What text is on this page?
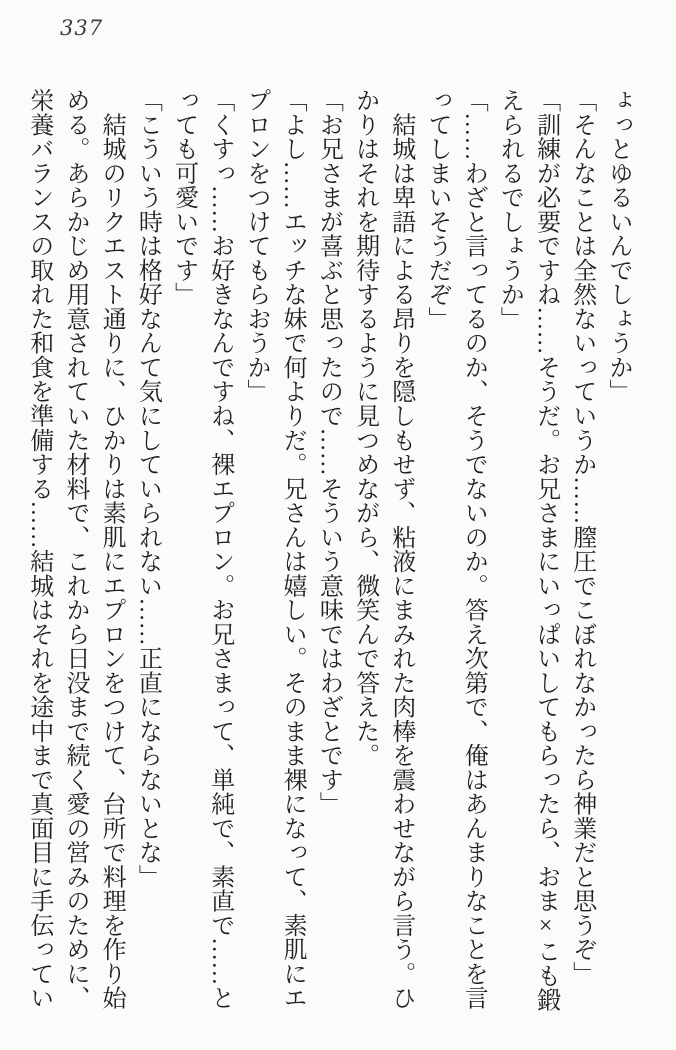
337
ょっとゆるいんでしょうか」
「そんなことは全然ないっていうか……膣圧でこぼれなかったら神業だと思うぞ」
「訓練が必要ですね……そうだ。お兄さまにいっぱいしてもらったら、おま×こも鍛
えられるでしょうか」
「……わざと言ってるのか、そうでないのか。答え次第で、俺はあんまりなことを言
ってしまいそうだぞ」
　結城は卑語による昂りを隠しもせず、粘液にまみれた肉棒を震わせながら言う。ひ
かりはそれを期待するように見つめながら、微笑んで答えた。
「お兄さまが喜ぶと思ったので……そういう意味ではわざとです」
「よし……エッチな妹で何よりだ。兄さんは嬉しい。そのまま裸になって、素肌にエ
プロンをつけてもらおうか」
「くすっ……お好きなんですね、裸エプロン。お兄さまって、単純で、素直で……と
っても可愛いです」
「こういう時は格好なんて気にしていられない……正直にならないとな」
　結城のリクエスト通りに、ひかりは素肌にエプロンをつけて、台所で料理を作り始
める。あらかじめ用意されていた材料で、これから日没まで続く愛の営みのために、
栄養バランスの取れた和食を準備する……結城はそれを途中まで真面目に手伝ってい
